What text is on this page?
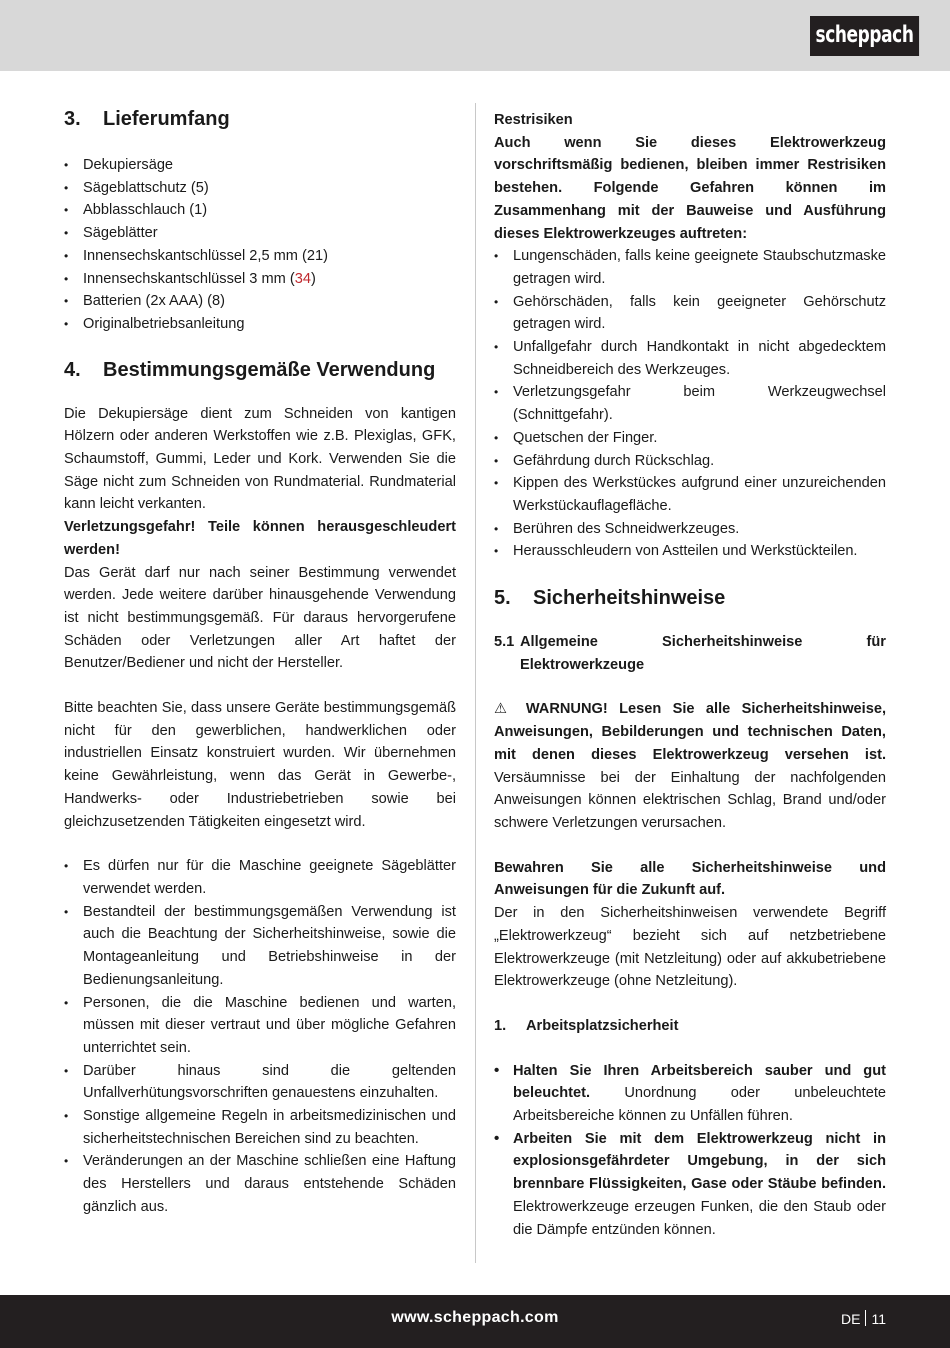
scheppach
3.	Lieferumfang
• Dekupiersäge
• Sägeblattschutz (5)
• Abblasschlauch (1)
• Sägeblätter
• Innensechskantschlüssel 2,5 mm (21)
• Innensechskantschlüssel 3 mm (34)
• Batterien (2x AAA) (8)
• Originalbetriebsanleitung
4.	Bestimmungsgemäße Verwendung

Die Dekupiersäge dient zum Schneiden von kantigen Hölzern oder anderen Werkstoffen wie z.B. Plexiglas, GFK, Schaumstoff, Gummi, Leder und Kork. Verwenden Sie die Säge nicht zum Schneiden von Rundmaterial. Rundmaterial kann leicht verkanten.

Verletzungsgefahr! Teile können herausgeschleudert werden!

Das Gerät darf nur nach seiner Bestimmung verwendet werden. Jede weitere darüber hinausgehende Verwendung ist nicht bestimmungsgemäß. Für daraus hervorgerufene Schäden oder Verletzungen aller Art haftet der Benutzer/Bediener und nicht der Hersteller.

Bitte beachten Sie, dass unsere Geräte bestimmungsgemäß nicht für den gewerblichen, handwerklichen oder industriellen Einsatz konstruiert wurden. Wir übernehmen keine Gewährleistung, wenn das Gerät in Gewerbe-, Handwerks- oder Industriebetrieben sowie bei gleichzusetzenden Tätigkeiten eingesetzt wird.

• Es dürfen nur für die Maschine geeignete Sägeblätter verwendet werden.
• Bestandteil der bestimmungsgemäßen Verwendung ist auch die Beachtung der Sicherheitshinweise, sowie die Montageanleitung und Betriebshinweise in der Bedienungsanleitung.
• Personen, die die Maschine bedienen und warten, müssen mit dieser vertraut und über mögliche Gefahren unterrichtet sein.
• Darüber hinaus sind die geltenden Unfallverhütungsvorschriften genauestens einzuhalten.
• Sonstige allgemeine Regeln in arbeitsmedizinischen und sicherheitstechnischen Bereichen sind zu beachten.
• Veränderungen an der Maschine schließen eine Haftung des Herstellers und daraus entstehende Schäden gänzlich aus.
Restrisiken

Auch wenn Sie dieses Elektrowerkzeug vorschriftsmäßig bedienen, bleiben immer Restrisiken bestehen. Folgende Gefahren können im Zusammenhang mit der Bauweise und Ausführung dieses Elektrowerkzeuges auftreten:

• Lungenschäden, falls keine geeignete Staubschutzmaske getragen wird.
• Gehörschäden, falls kein geeigneter Gehörschutz getragen wird.
• Unfallgefahr durch Handkontakt in nicht abgedecktem Schneidbereich des Werkzeuges.
• Verletzungsgefahr beim Werkzeugwechsel (Schnittgefahr).
• Quetschen der Finger.
• Gefährdung durch Rückschlag.
• Kippen des Werkstückes aufgrund einer unzureichenden Werkstückauflagefläche.
• Berühren des Schneidwerkzeuges.
• Herausschleudern von Astteilen und Werkstückteilen.
5.	Sicherheitshinweise
5.1 Allgemeine Sicherheitshinweise für Elektrowerkzeuge

⚠ WARNUNG! Lesen Sie alle Sicherheitshinweise, Anweisungen, Bebilderungen und technischen Daten, mit denen dieses Elektrowerkzeug versehen ist. Versäumnisse bei der Einhaltung der nachfolgenden Anweisungen können elektrischen Schlag, Brand und/oder schwere Verletzungen verursachen.

Bewahren Sie alle Sicherheitshinweise und Anweisungen für die Zukunft auf.

Der in den Sicherheitshinweisen verwendete Begriff „Elektrowerkzeug“ bezieht sich auf netzbetriebene Elektrowerkzeuge (mit Netzleitung) oder auf akkubetriebene Elektrowerkzeuge (ohne Netzleitung).

1.	Arbeitsplatzsicherheit
• Halten Sie Ihren Arbeitsbereich sauber und gut beleuchtet. Unordnung oder unbeleuchtete Arbeitsbereiche können zu Unfällen führen.
• Arbeiten Sie mit dem Elektrowerkzeug nicht in explosionsgefährdeter Umgebung, in der sich brennbare Flüssigkeiten, Gase oder Stäube befinden. Elektrowerkzeuge erzeugen Funken, die den Staub oder die Dämpfe entzünden können.
www.scheppach.com	DE 11
